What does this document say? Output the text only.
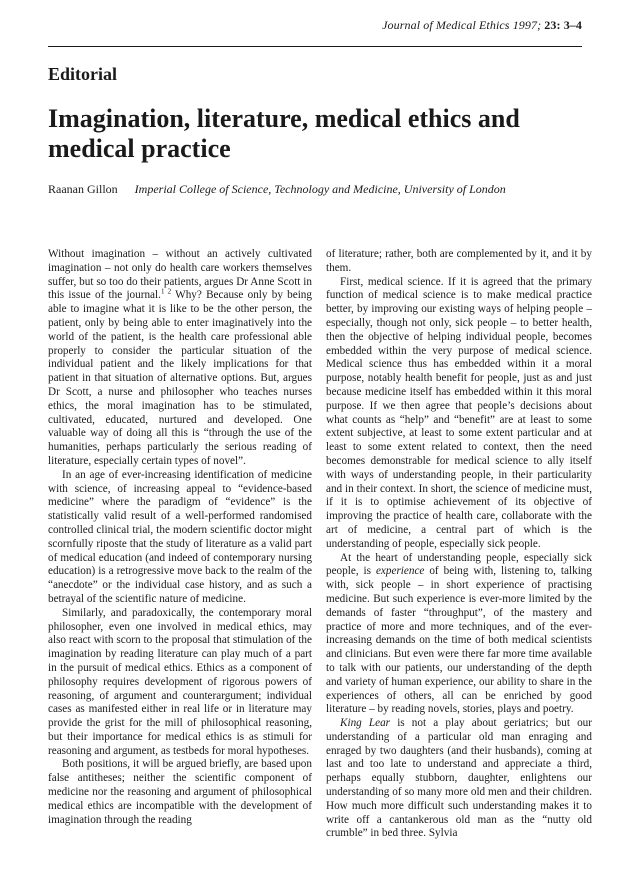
Journal of Medical Ethics 1997; 23: 3–4
Editorial
Imagination, literature, medical ethics and medical practice
Raanan Gillon Imperial College of Science, Technology and Medicine, University of London

Without imagination – without an actively cultivated imagination – not only do health care workers themselves suffer, but so too do their patients, argues Dr Anne Scott in this issue of the journal.$^{1 2}$ Why? Because only by being able to imagine what it is like to be the other person, the patient, only by being able to enter imaginatively into the world of the patient, is the health care professional able properly to consider the particular situation of the individual patient and the likely implications for that patient in that situation of alternative options. But, argues Dr Scott, a nurse and philosopher who teaches nurses ethics, the moral imagination has to be stimulated, cultivated, educated, nurtured and developed. One valuable way of doing all this is “through the use of the humanities, perhaps particularly the serious reading of literature, especially certain types of novel”.

In an age of ever-increasing identification of medicine with science, of increasing appeal to “evidence-based medicine” where the paradigm of “evidence” is the statistically valid result of a well-performed randomised controlled clinical trial, the modern scientific doctor might scornfully riposte that the study of literature as a valid part of medical education (and indeed of contemporary nursing education) is a retrogressive move back to the realm of the “anecdote” or the individual case history, and as such a betrayal of the scientific nature of medicine.

Similarly, and paradoxically, the contemporary moral philosopher, even one involved in medical ethics, may also react with scorn to the proposal that stimulation of the imagination by reading literature can play much of a part in the pursuit of medical ethics. Ethics as a component of philosophy requires development of rigorous powers of reasoning, of argument and counterargument; individual cases as manifested either in real life or in literature may provide the grist for the mill of philosophical reasoning, but their importance for medical ethics is as stimuli for reasoning and argument, as testbeds for moral hypotheses.

Both positions, it will be argued briefly, are based upon false antitheses; neither the scientific component of medicine nor the reasoning and argument of philosophical medical ethics are incompatible with the development of imagination through the reading

of literature; rather, both are complemented by it, and it by them.

First, medical science. If it is agreed that the primary function of medical science is to make medical practice better, by improving our existing ways of helping people – especially, though not only, sick people – to better health, then the objective of helping individual people, becomes embedded within the very purpose of medical science. Medical science thus has embedded within it a moral purpose, notably health benefit for people, just as and just because medicine itself has embedded within it this moral purpose. If we then agree that people’s decisions about what counts as “help” and “benefit” are at least to some extent subjective, at least to some extent particular and at least to some extent related to context, then the need becomes demonstrable for medical science to ally itself with ways of understanding people, in their particularity and in their context. In short, the science of medicine must, if it is to optimise achievement of its objective of improving the practice of health care, collaborate with the art of medicine, a central part of which is the understanding of people, especially sick people.

At the heart of understanding people, especially sick people, is experience of being with, listening to, talking with, sick people – in short experience of practising medicine. But such experience is ever-more limited by the demands of faster “throughput”, of the mastery and practice of more and more techniques, and of the ever-increasing demands on the time of both medical scientists and clinicians. But even were there far more time available to talk with our patients, our understanding of the depth and variety of human experience, our ability to share in the experiences of others, all can be enriched by good literature – by reading novels, stories, plays and poetry.

King Lear is not a play about geriatrics; but our understanding of a particular old man enraging and enraged by two daughters (and their husbands), coming at last and too late to understand and appreciate a third, perhaps equally stubborn, daughter, enlightens our understanding of so many more old men and their children. How much more difficult such understanding makes it to write off a cantankerous old man as the “nutty old crumble” in bed three. Sylvia
